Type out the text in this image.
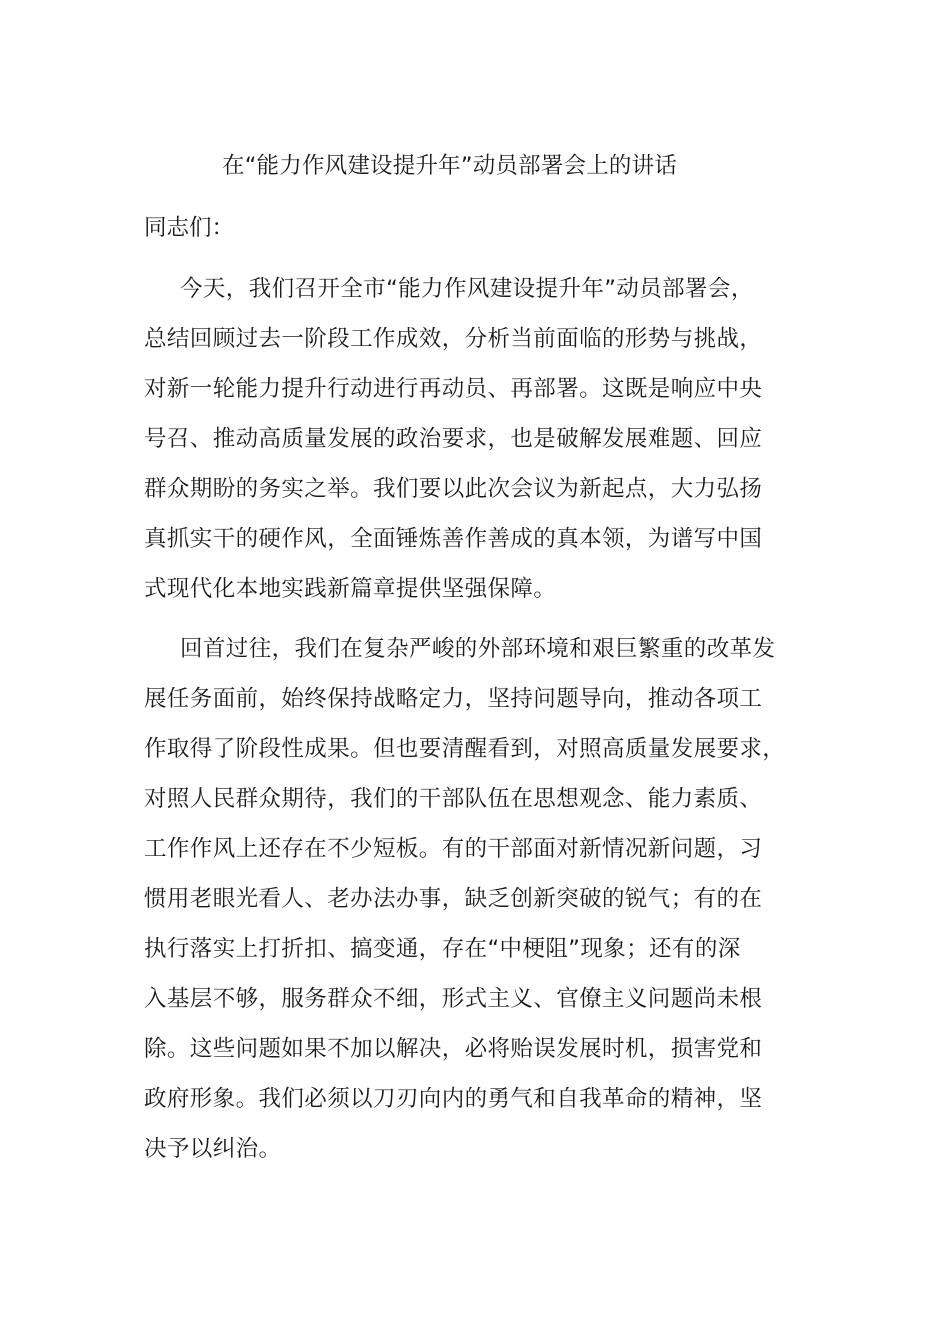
在“能力作风建设提升年”动员部署会上的讲话
同志们：
今天，我们召开全市“能力作风建设提升年”动员部署会，
总结回顾过去一阶段工作成效，分析当前面临的形势与挑战，
对新一轮能力提升行动进行再动员、再部署。这既是响应中央
号召、推动高质量发展的政治要求，也是破解发展难题、回应
群众期盼的务实之举。我们要以此次会议为新起点，大力弘扬
真抓实干的硬作风，全面锤炼善作善成的真本领，为谱写中国
式现代化本地实践新篇章提供坚强保障。
回首过往，我们在复杂严峻的外部环境和艰巨繁重的改革发
展任务面前，始终保持战略定力，坚持问题导向，推动各项工
作取得了阶段性成果。但也要清醒看到，对照高质量发展要求，
对照人民群众期待，我们的干部队伍在思想观念、能力素质、
工作作风上还存在不少短板。有的干部面对新情况新问题，习
惯用老眼光看人、老办法办事，缺乏创新突破的锐气；有的在
执行落实上打折扣、搞变通，存在“中梗阻”现象；还有的深
入基层不够，服务群众不细，形式主义、官僚主义问题尚未根
除。这些问题如果不加以解决，必将贻误发展时机，损害党和
政府形象。我们必须以刀刃向内的勇气和自我革命的精神，坚
决予以纠治。
